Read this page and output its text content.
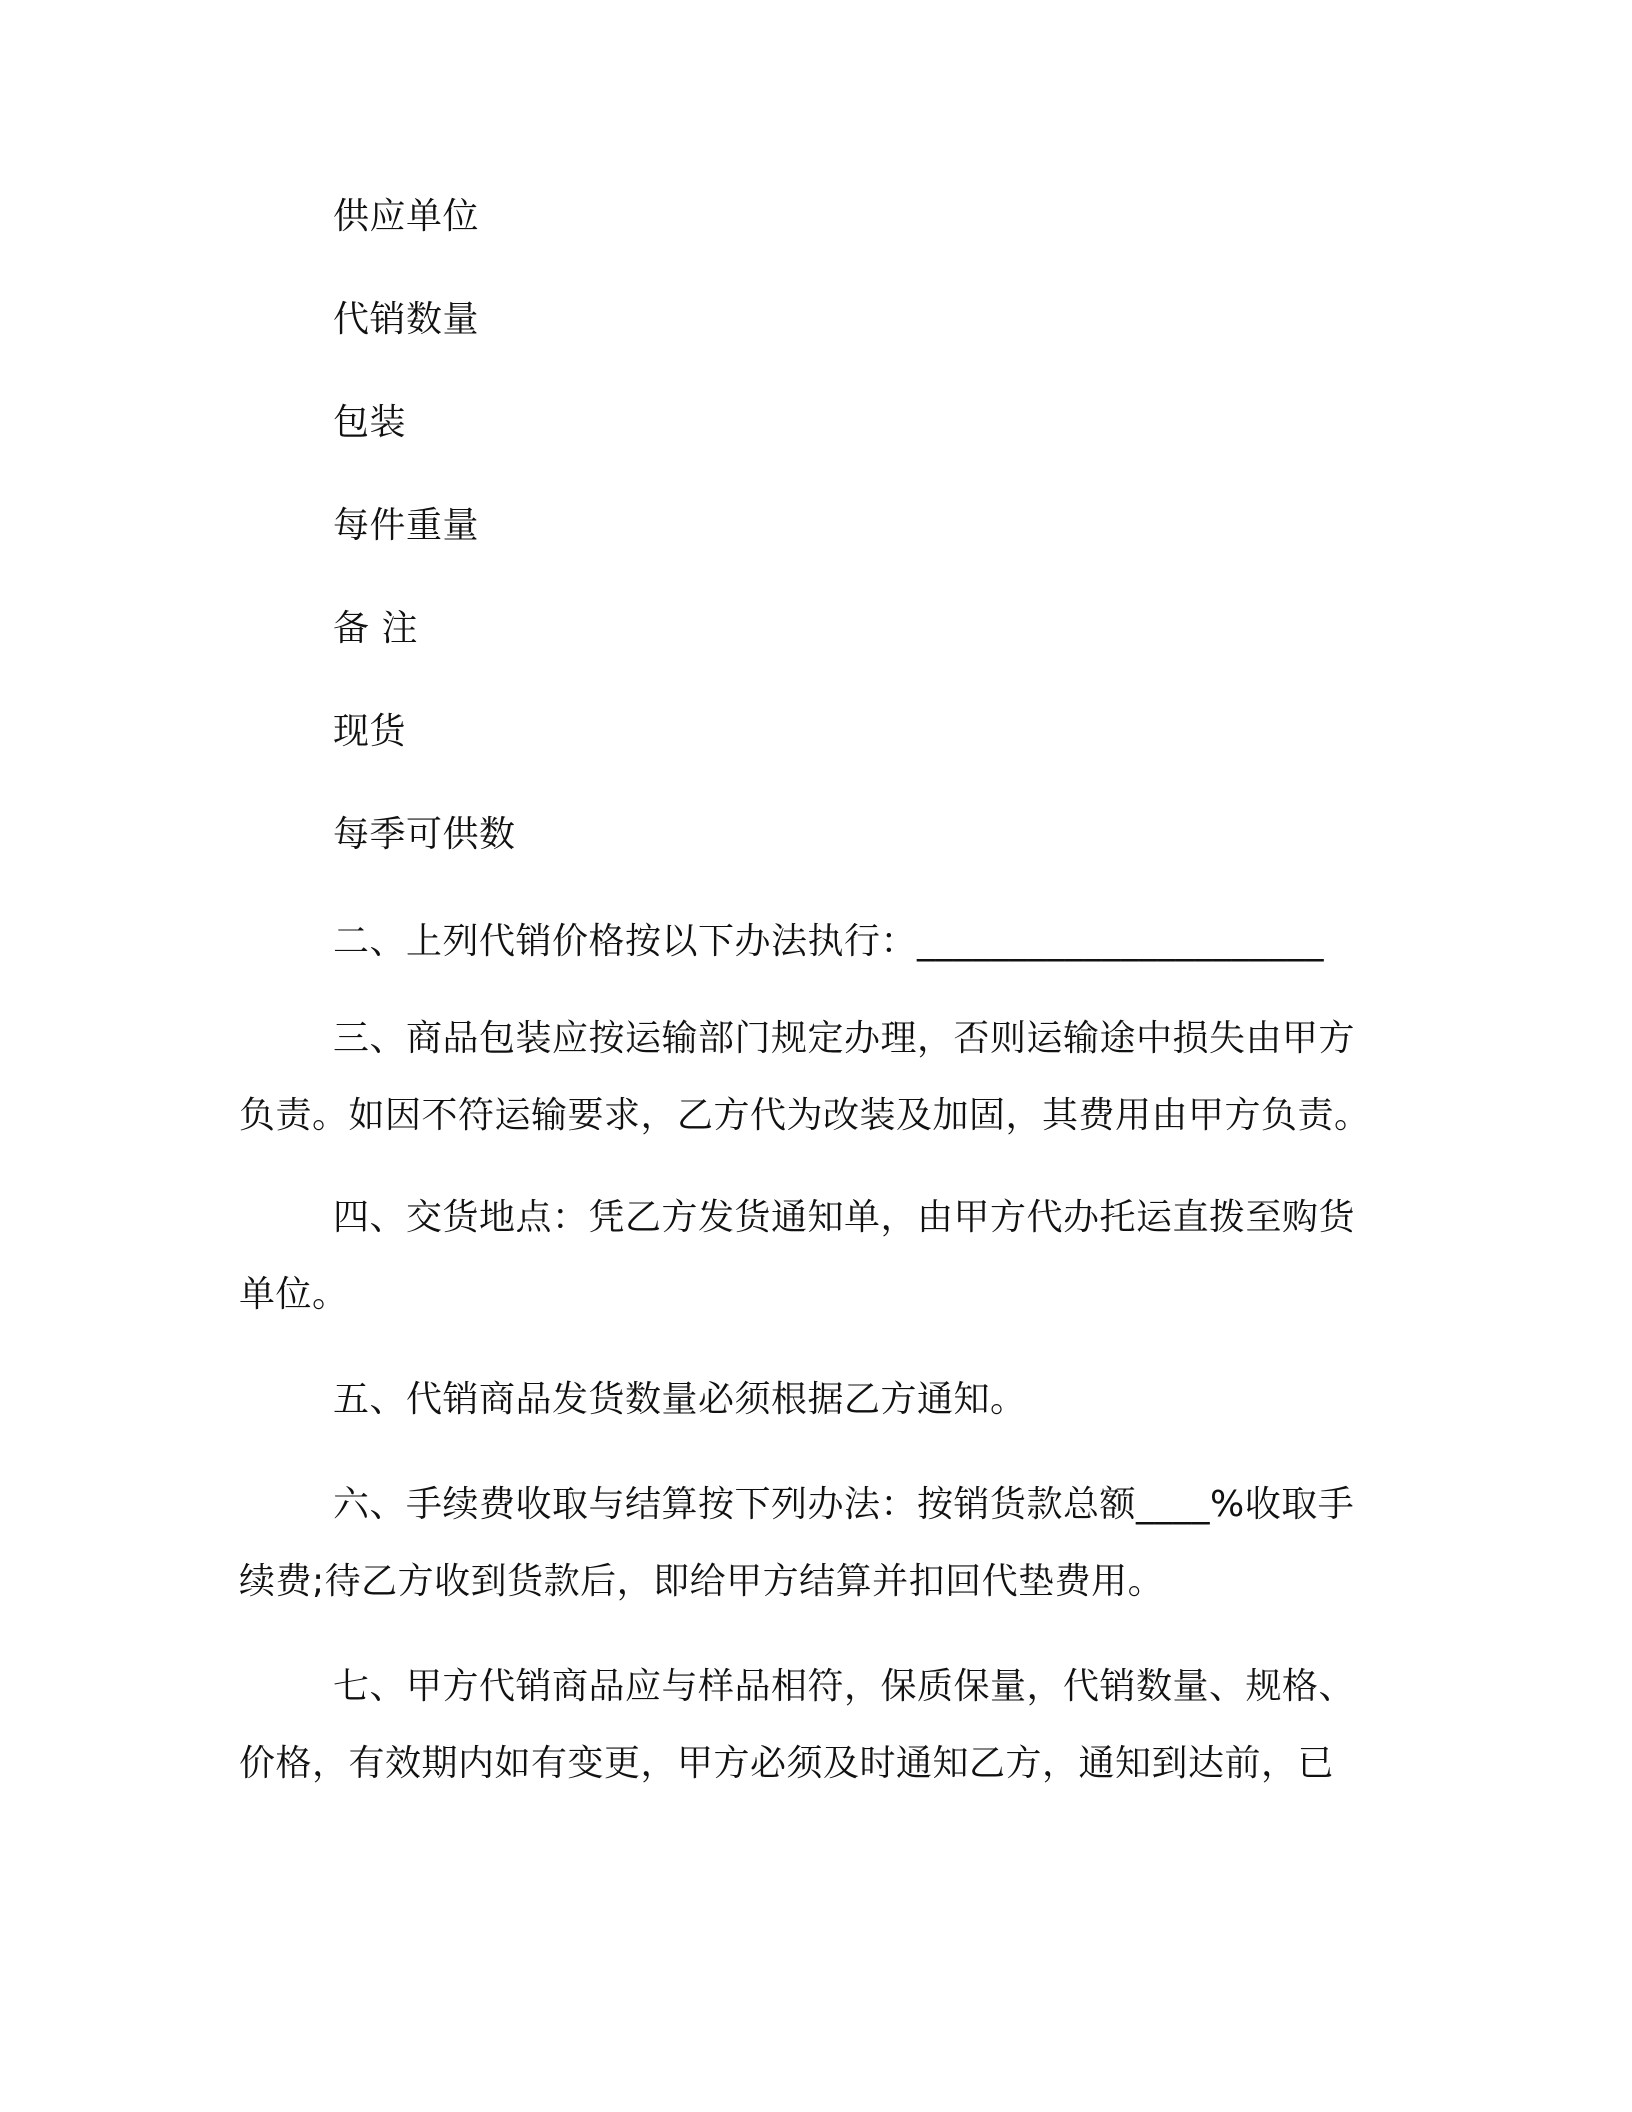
供应单位
代销数量
包装
每件重量
备 注
现货
每季可供数
二、上列代销价格按以下办法执行：______________________
三、商品包装应按运输部门规定办理，否则运输途中损失由甲方
负责。如因不符运输要求，乙方代为改装及加固，其费用由甲方负责。
四、交货地点：凭乙方发货通知单，由甲方代办托运直拨至购货
单位。
五、代销商品发货数量必须根据乙方通知。
六、手续费收取与结算按下列办法：按销货款总额____%收取手
续费;待乙方收到货款后，即给甲方结算并扣回代垫费用。
七、甲方代销商品应与样品相符，保质保量，代销数量、规格、
价格，有效期内如有变更，甲方必须及时通知乙方，通知到达前，已
